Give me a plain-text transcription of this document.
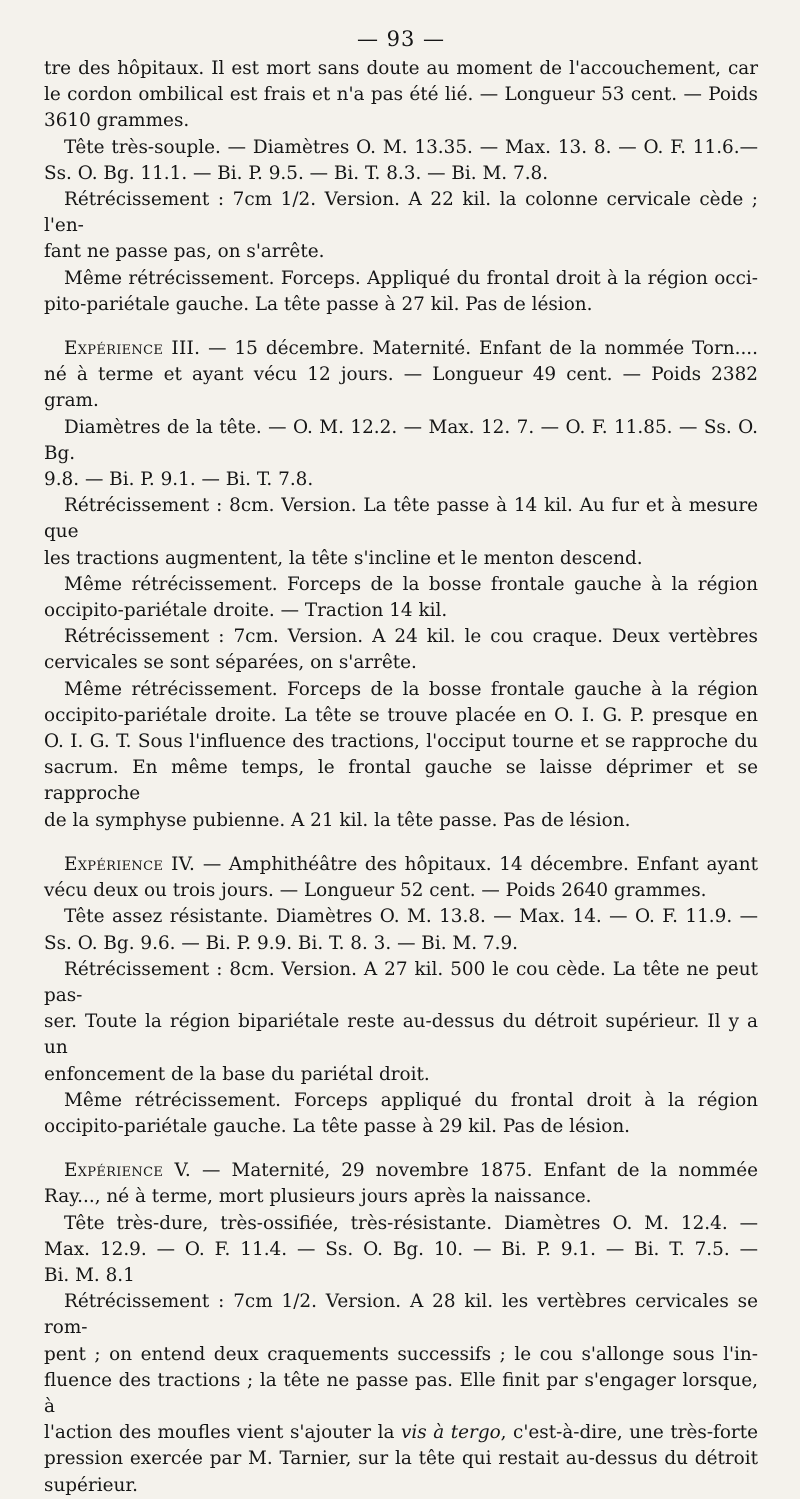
— 93 —

tre des hôpitaux. Il est mort sans doute au moment de l'accouchement, car

le cordon ombilical est frais et n'a pas été lié. — Longueur 53 cent. — Poids

3610 grammes.

Tête très-souple. — Diamètres O. M. 13.35. — Max. 13. 8. — O. F. 11.6.—

Ss. O. Bg. 11.1. — Bi. P. 9.5. — Bi. T. 8.3. — Bi. M. 7.8.

Rétrécissement : 7cm 1/2. Version. A 22 kil. la colonne cervicale cède ; l'en-

fant ne passe pas, on s'arrête.

Même rétrécissement. Forceps. Appliqué du frontal droit à la région occi-

pito-pariétale gauche. La tête passe à 27 kil. Pas de lésion.

Expérience III. — 15 décembre. Maternité. Enfant de la nommée Torn....

né à terme et ayant vécu 12 jours. — Longueur 49 cent. — Poids 2382 gram.

Diamètres de la tête. — O. M. 12.2. — Max. 12. 7. — O. F. 11.85. — Ss. O. Bg.

9.8. — Bi. P. 9.1. — Bi. T. 7.8.

Rétrécissement : 8cm. Version. La tête passe à 14 kil. Au fur et à mesure que

les tractions augmentent, la tête s'incline et le menton descend.

Même rétrécissement. Forceps de la bosse frontale gauche à la région

occipito-pariétale droite. — Traction 14 kil.

Rétrécissement : 7cm. Version. A 24 kil. le cou craque. Deux vertèbres

cervicales se sont séparées, on s'arrête.

Même rétrécissement. Forceps de la bosse frontale gauche à la région

occipito-pariétale droite. La tête se trouve placée en O. I. G. P. presque en

O. I. G. T. Sous l'influence des tractions, l'occiput tourne et se rapproche du

sacrum. En même temps, le frontal gauche se laisse déprimer et se rapproche

de la symphyse pubienne. A 21 kil. la tête passe. Pas de lésion.

Expérience IV. — Amphithéâtre des hôpitaux. 14 décembre. Enfant ayant

vécu deux ou trois jours. — Longueur 52 cent. — Poids 2640 grammes.

Tête assez résistante. Diamètres O. M. 13.8. — Max. 14. — O. F. 11.9. —

Ss. O. Bg. 9.6. — Bi. P. 9.9. Bi. T. 8. 3. — Bi. M. 7.9.

Rétrécissement : 8cm. Version. A 27 kil. 500 le cou cède. La tête ne peut pas-

ser. Toute la région bipariétale reste au-dessus du détroit supérieur. Il y a un

enfoncement de la base du pariétal droit.

Même rétrécissement. Forceps appliqué du frontal droit à la région

occipito-pariétale gauche. La tête passe à 29 kil. Pas de lésion.

Expérience V. — Maternité, 29 novembre 1875. Enfant de la nommée

Ray..., né à terme, mort plusieurs jours après la naissance.

Tête très-dure, très-ossifiée, très-résistante. Diamètres O. M. 12.4. —

Max. 12.9. — O. F. 11.4. — Ss. O. Bg. 10. — Bi. P. 9.1. — Bi. T. 7.5. —

Bi. M. 8.1

Rétrécissement : 7cm 1/2. Version. A 28 kil. les vertèbres cervicales se rom-

pent ; on entend deux craquements successifs ; le cou s'allonge sous l'in-

fluence des tractions ; la tête ne passe pas. Elle finit par s'engager lorsque, à

l'action des moufles vient s'ajouter la vis à tergo, c'est-à-dire, une très-forte

pression exercée par M. Tarnier, sur la tête qui restait au-dessus du détroit

supérieur.
